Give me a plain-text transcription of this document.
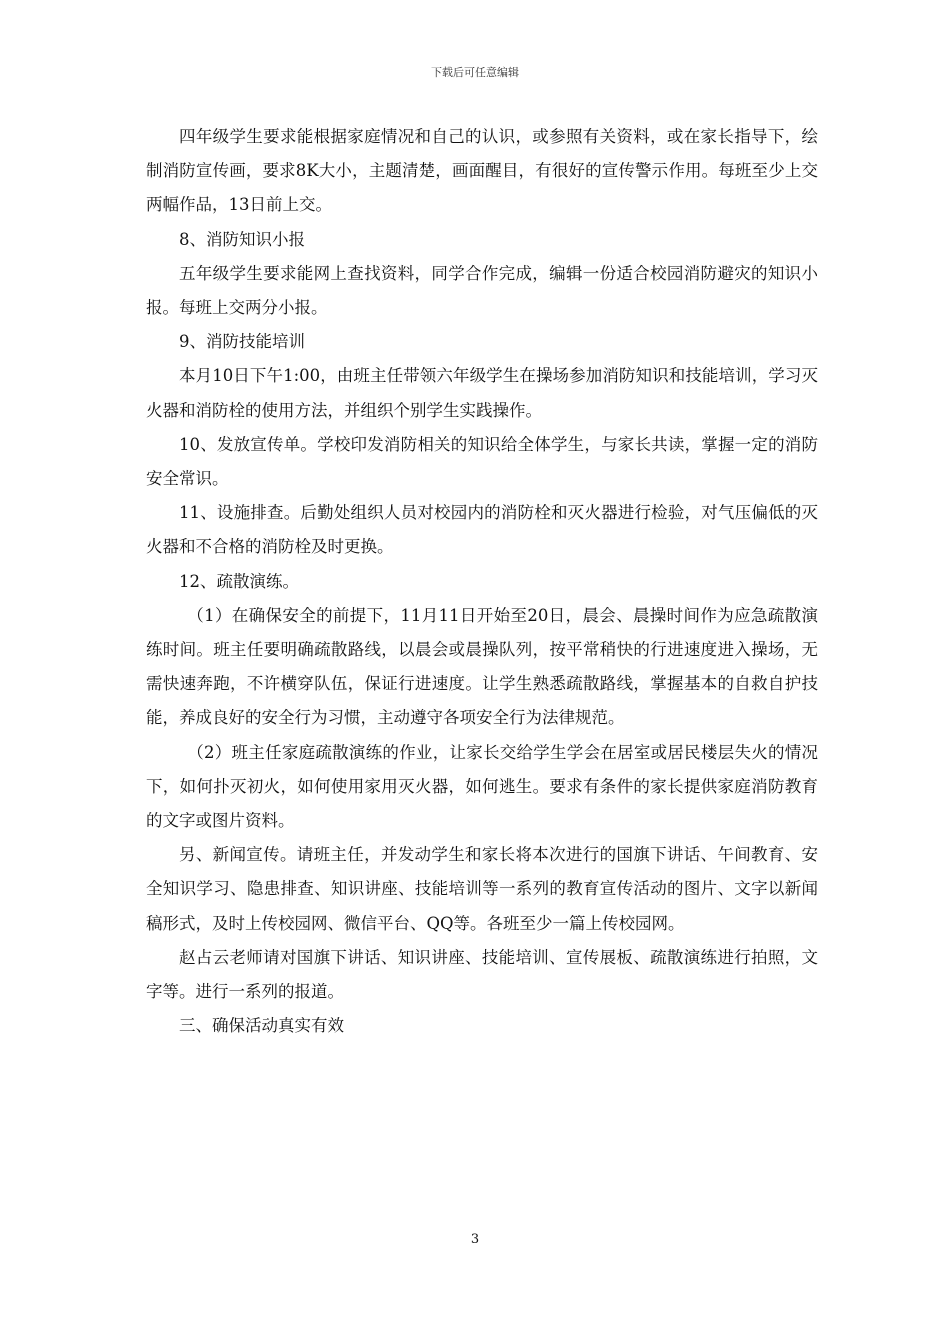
下载后可任意编辑

四年级学生要求能根据家庭情况和自己的认识，或参照有关资料，或在家长指导下，绘制消防宣传画，要求8K大小，主题清楚，画面醒目，有很好的宣传警示作用。每班至少上交两幅作品，13日前上交。

8、消防知识小报

五年级学生要求能网上查找资料，同学合作完成，编辑一份适合校园消防避灾的知识小报。每班上交两分小报。

9、消防技能培训

本月10日下午1:00，由班主任带领六年级学生在操场参加消防知识和技能培训，学习灭火器和消防栓的使用方法，并组织个别学生实践操作。

10、发放宣传单。学校印发消防相关的知识给全体学生，与家长共读，掌握一定的消防安全常识。

11、设施排查。后勤处组织人员对校园内的消防栓和灭火器进行检验，对气压偏低的灭火器和不合格的消防栓及时更换。

12、疏散演练。

（1）在确保安全的前提下，11月11日开始至20日，晨会、晨操时间作为应急疏散演练时间。班主任要明确疏散路线，以晨会或晨操队列，按平常稍快的行进速度进入操场，无需快速奔跑，不许横穿队伍，保证行进速度。让学生熟悉疏散路线，掌握基本的自救自护技能，养成良好的安全行为习惯，主动遵守各项安全行为法律规范。

（2）班主任家庭疏散演练的作业，让家长交给学生学会在居室或居民楼层失火的情况下，如何扑灭初火，如何使用家用灭火器，如何逃生。要求有条件的家长提供家庭消防教育的文字或图片资料。

另、新闻宣传。请班主任，并发动学生和家长将本次进行的国旗下讲话、午间教育、安全知识学习、隐患排查、知识讲座、技能培训等一系列的教育宣传活动的图片、文字以新闻稿形式，及时上传校园网、微信平台、QQ等。各班至少一篇上传校园网。

赵占云老师请对国旗下讲话、知识讲座、技能培训、宣传展板、疏散演练进行拍照，文字等。进行一系列的报道。

三、确保活动真实有效

3
